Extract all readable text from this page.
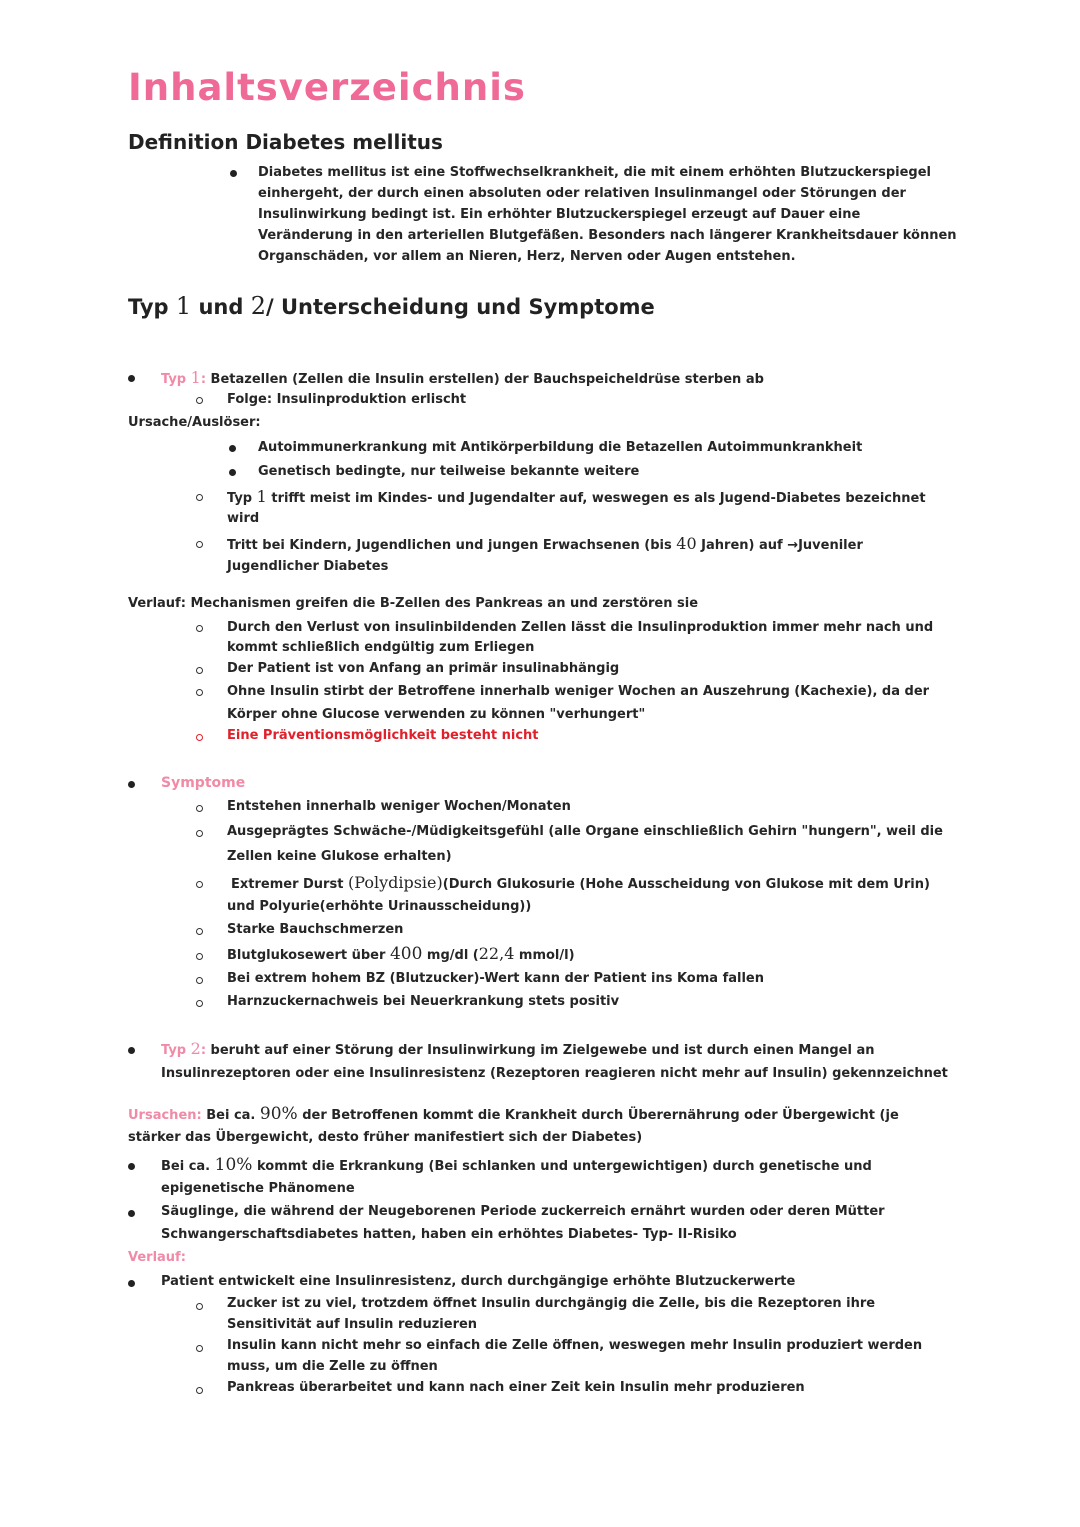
Inhaltsverzeichnis
Definition Diabetes mellitus

Diabetes mellitus ist eine Stoffwechselkrankheit, die mit einem erhöhten Blutzuckerspiegel

einhergeht, der durch einen absoluten oder relativen Insulinmangel oder Störungen der

Insulinwirkung bedingt ist. Ein erhöhter Blutzuckerspiegel erzeugt auf Dauer eine

Veränderung in den arteriellen Blutgefäßen. Besonders nach längerer Krankheitsdauer können

Organschäden, vor allem an Nieren, Herz, Nerven oder Augen entstehen.

Typ 1 und 2/ Unterscheidung und Symptome

Typ 1: Betazellen (Zellen die Insulin erstellen) der Bauchspeicheldrüse sterben ab

Folge: Insulinproduktion erlischt

Ursache/Auslöser:

Autoimmunerkrankung mit Antikörperbildung die Betazellen Autoimmunkrankheit

Genetisch bedingte, nur teilweise bekannte weitere

Typ 1 trifft meist im Kindes- und Jugendalter auf, weswegen es als Jugend-Diabetes bezeichnet

wird

Tritt bei Kindern, Jugendlichen und jungen Erwachsenen (bis 40 Jahren) auf →Juveniler

Jugendlicher Diabetes

Verlauf: Mechanismen greifen die B-Zellen des Pankreas an und zerstören sie

Durch den Verlust von insulinbildenden Zellen lässt die Insulinproduktion immer mehr nach und

kommt schließlich endgültig zum Erliegen

Der Patient ist von Anfang an primär insulinabhängig

Ohne Insulin stirbt der Betroffene innerhalb weniger Wochen an Auszehrung (Kachexie), da der

Körper ohne Glucose verwenden zu können "verhungert"

Eine Präventionsmöglichkeit besteht nicht

Symptome

Entstehen innerhalb weniger Wochen/Monaten

Ausgeprägtes Schwäche-/Müdigkeitsgefühl (alle Organe einschließlich Gehirn "hungern", weil die

Zellen keine Glukose erhalten)

Extremer Durst (Polydipsie)(Durch Glukosurie (Hohe Ausscheidung von Glukose mit dem Urin)

und Polyurie(erhöhte Urinausscheidung))

Starke Bauchschmerzen

Blutglukosewert über 400 mg/dl (22,4 mmol/l)

Bei extrem hohem BZ (Blutzucker)-Wert kann der Patient ins Koma fallen

Harnzuckernachweis bei Neuerkrankung stets positiv

Typ 2: beruht auf einer Störung der Insulinwirkung im Zielgewebe und ist durch einen Mangel an

Insulinrezeptoren oder eine Insulinresistenz (Rezeptoren reagieren nicht mehr auf Insulin) gekennzeichnet

Ursachen: Bei ca. 90% der Betroffenen kommt die Krankheit durch Überernährung oder Übergewicht (je

stärker das Übergewicht, desto früher manifestiert sich der Diabetes)

Bei ca. 10% kommt die Erkrankung (Bei schlanken und untergewichtigen) durch genetische und

epigenetische Phänomene

Säuglinge, die während der Neugeborenen Periode zuckerreich ernährt wurden oder deren Mütter

Schwangerschaftsdiabetes hatten, haben ein erhöhtes Diabetes- Typ- II-Risiko

Verlauf:

Patient entwickelt eine Insulinresistenz, durch durchgängige erhöhte Blutzuckerwerte

Zucker ist zu viel, trotzdem öffnet Insulin durchgängig die Zelle, bis die Rezeptoren ihre

Sensitivität auf Insulin reduzieren

Insulin kann nicht mehr so einfach die Zelle öffnen, weswegen mehr Insulin produziert werden

muss, um die Zelle zu öffnen

Pankreas überarbeitet und kann nach einer Zeit kein Insulin mehr produzieren
